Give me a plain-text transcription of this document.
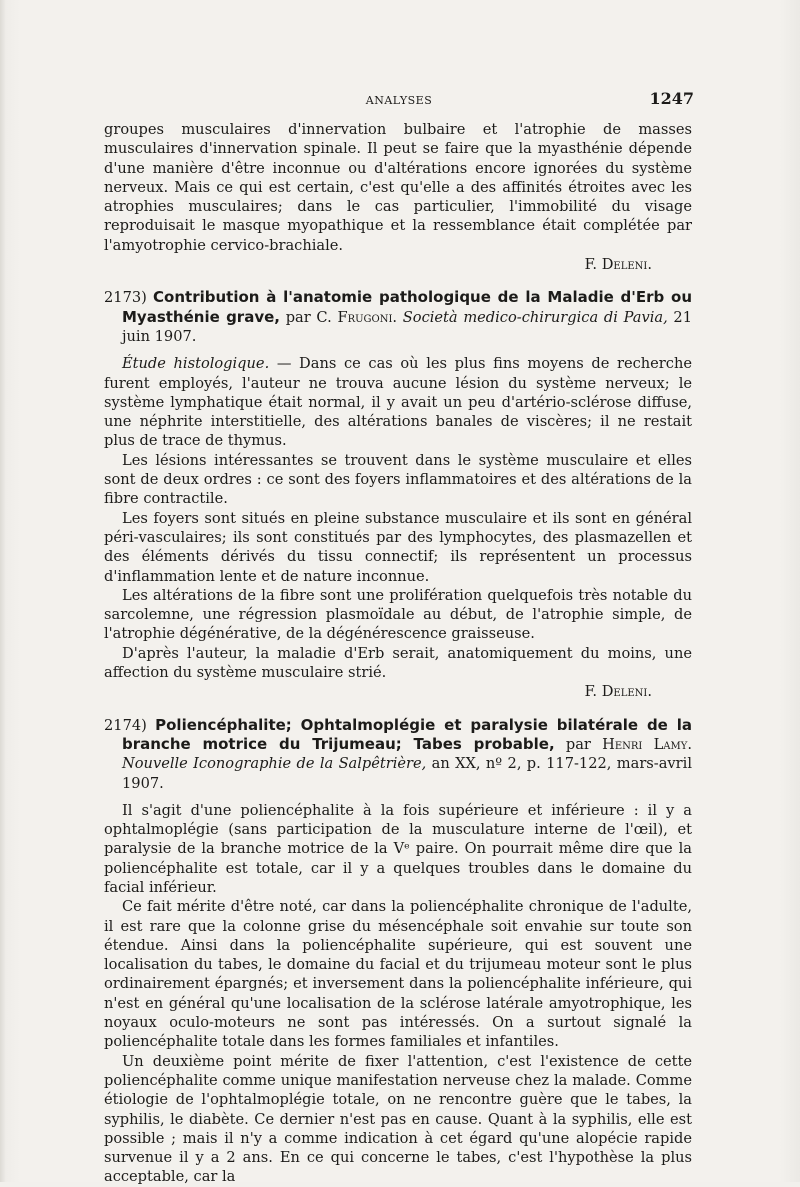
ANALYSES	1247

groupes musculaires d'innervation bulbaire et l'atrophie de masses musculaires d'innervation spinale. Il peut se faire que la myasthénie dépende d'une manière d'être inconnue ou d'altérations encore ignorées du système nerveux. Mais ce qui est certain, c'est qu'elle a des affinités étroites avec les atrophies musculaires; dans le cas particulier, l'immobilité du visage reproduisait le masque myopathique et la ressemblance était complétée par l'amyotrophie cervico-brachiale.
F. Deleni.

2173) Contribution à l'anatomie pathologique de la Maladie d'Erb ou Myasthénie grave, par C. Frugoni. Società medico-chirurgica di Pavia, 21 juin 1907.

Étude histologique. — Dans ce cas où les plus fins moyens de recherche furent employés, l'auteur ne trouva aucune lésion du système nerveux; le système lymphatique était normal, il y avait un peu d'artério-sclérose diffuse, une néphrite interstitielle, des altérations banales de viscères; il ne restait plus de trace de thymus.

Les lésions intéressantes se trouvent dans le système musculaire et elles sont de deux ordres : ce sont des foyers inflammatoires et des altérations de la fibre contractile.

Les foyers sont situés en pleine substance musculaire et ils sont en général péri-vasculaires; ils sont constitués par des lymphocytes, des plasmazellen et des éléments dérivés du tissu connectif; ils représentent un processus d'inflammation lente et de nature inconnue.

Les altérations de la fibre sont une prolifération quelquefois très notable du sarcolemne, une régression plasmoïdale au début, de l'atrophie simple, de l'atrophie dégénérative, de la dégénérescence graisseuse.

D'après l'auteur, la maladie d'Erb serait, anatomiquement du moins, une affection du système musculaire strié.
F. Deleni.

2174) Poliencéphalite; Ophtalmoplégie et paralysie bilatérale de la branche motrice du Trijumeau; Tabes probable, par Henri Lamy. Nouvelle Iconographie de la Salpêtrière, an XX, nº 2, p. 117-122, mars-avril 1907.

Il s'agit d'une poliencéphalite à la fois supérieure et inférieure : il y a ophtalmoplégie (sans participation de la musculature interne de l'œil), et paralysie de la branche motrice de la Vᵉ paire. On pourrait même dire que la poliencéphalite est totale, car il y a quelques troubles dans le domaine du facial inférieur.

Ce fait mérite d'être noté, car dans la poliencéphalite chronique de l'adulte, il est rare que la colonne grise du mésencéphale soit envahie sur toute son étendue. Ainsi dans la poliencéphalite supérieure, qui est souvent une localisation du tabes, le domaine du facial et du trijumeau moteur sont le plus ordinairement épargnés; et inversement dans la poliencéphalite inférieure, qui n'est en général qu'une localisation de la sclérose latérale amyotrophique, les noyaux oculo-moteurs ne sont pas intéressés. On a surtout signalé la poliencéphalite totale dans les formes familiales et infantiles.

Un deuxième point mérite de fixer l'attention, c'est l'existence de cette poliencéphalite comme unique manifestation nerveuse chez la malade. Comme étiologie de l'ophtalmoplégie totale, on ne rencontre guère que le tabes, la syphilis, le diabète. Ce dernier n'est pas en cause. Quant à la syphilis, elle est possible ; mais il n'y a comme indication à cet égard qu'une alopécie rapide survenue il y a 2 ans. En ce qui concerne le tabes, c'est l'hypothèse la plus acceptable, car la
